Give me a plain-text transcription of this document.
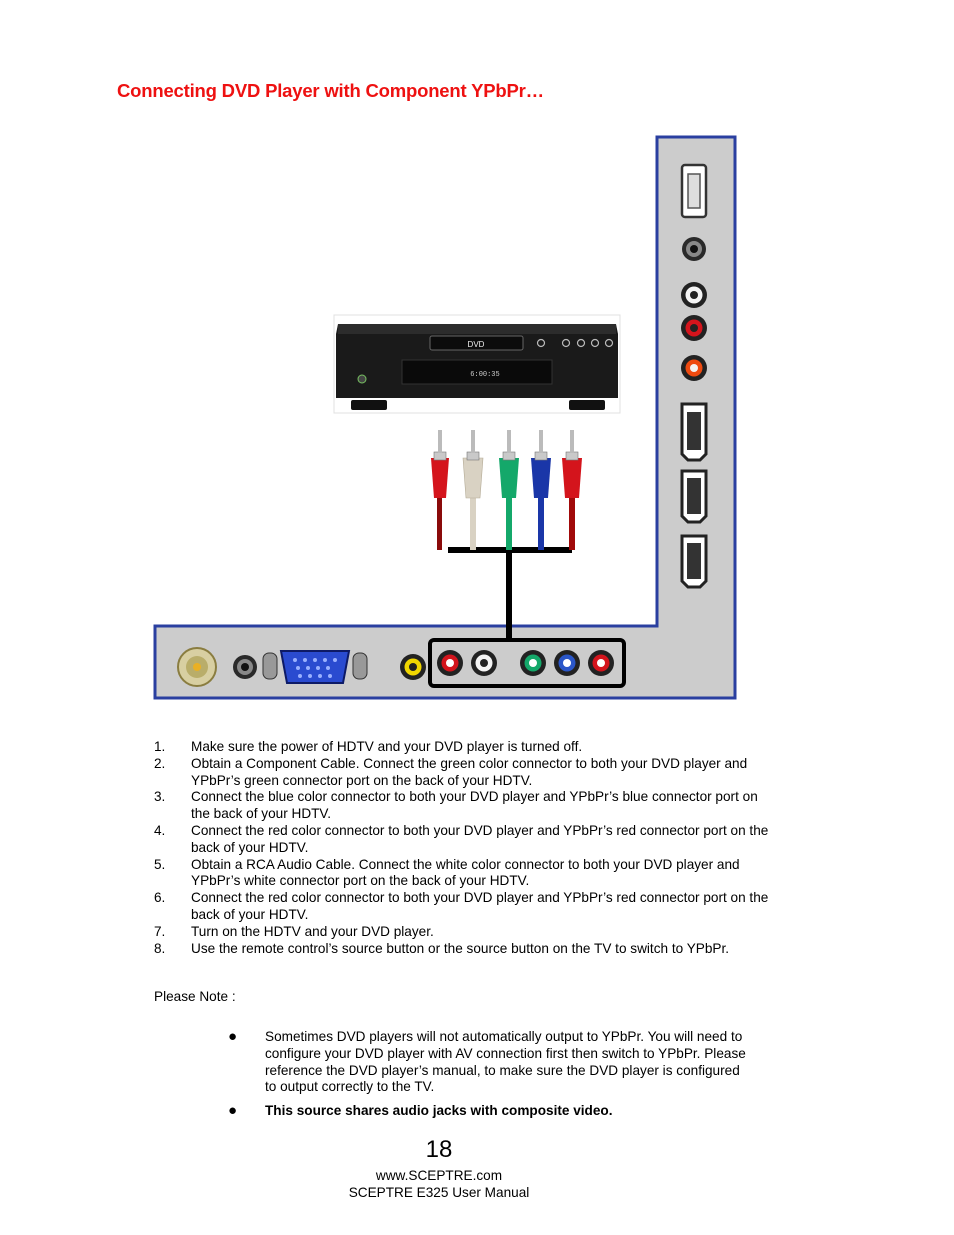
Connecting DVD Player with Component YPbPr…
DVD
6:00:35
1. Make sure the power of HDTV and your DVD player is turned off.
2. Obtain a Component Cable. Connect the green color connector to both your DVD player and YPbPr’s green connector port on the back of your HDTV.
3. Connect the blue color connector to both your DVD player and YPbPr’s blue connector port on the back of your HDTV.
4. Connect the red color connector to both your DVD player and YPbPr’s red connector port on the back of your HDTV.
5. Obtain a RCA Audio Cable. Connect the white color connector to both your DVD player and YPbPr’s white connector port on the back of your HDTV.
6. Connect the red color connector to both your DVD player and YPbPr’s red connector port on the back of your HDTV.
7. Turn on the HDTV and your DVD player.
8. Use the remote control’s source button or the source button on the TV to switch to YPbPr.
Please Note :
● Sometimes DVD players will not automatically output to YPbPr. You will need to configure your DVD player with AV connection first then switch to YPbPr. Please reference the DVD player’s manual, to make sure the DVD player is configured to output correctly to the TV.
● This source shares audio jacks with composite video.
18
www.SCEPTRE.com
SCEPTRE E325 User Manual
